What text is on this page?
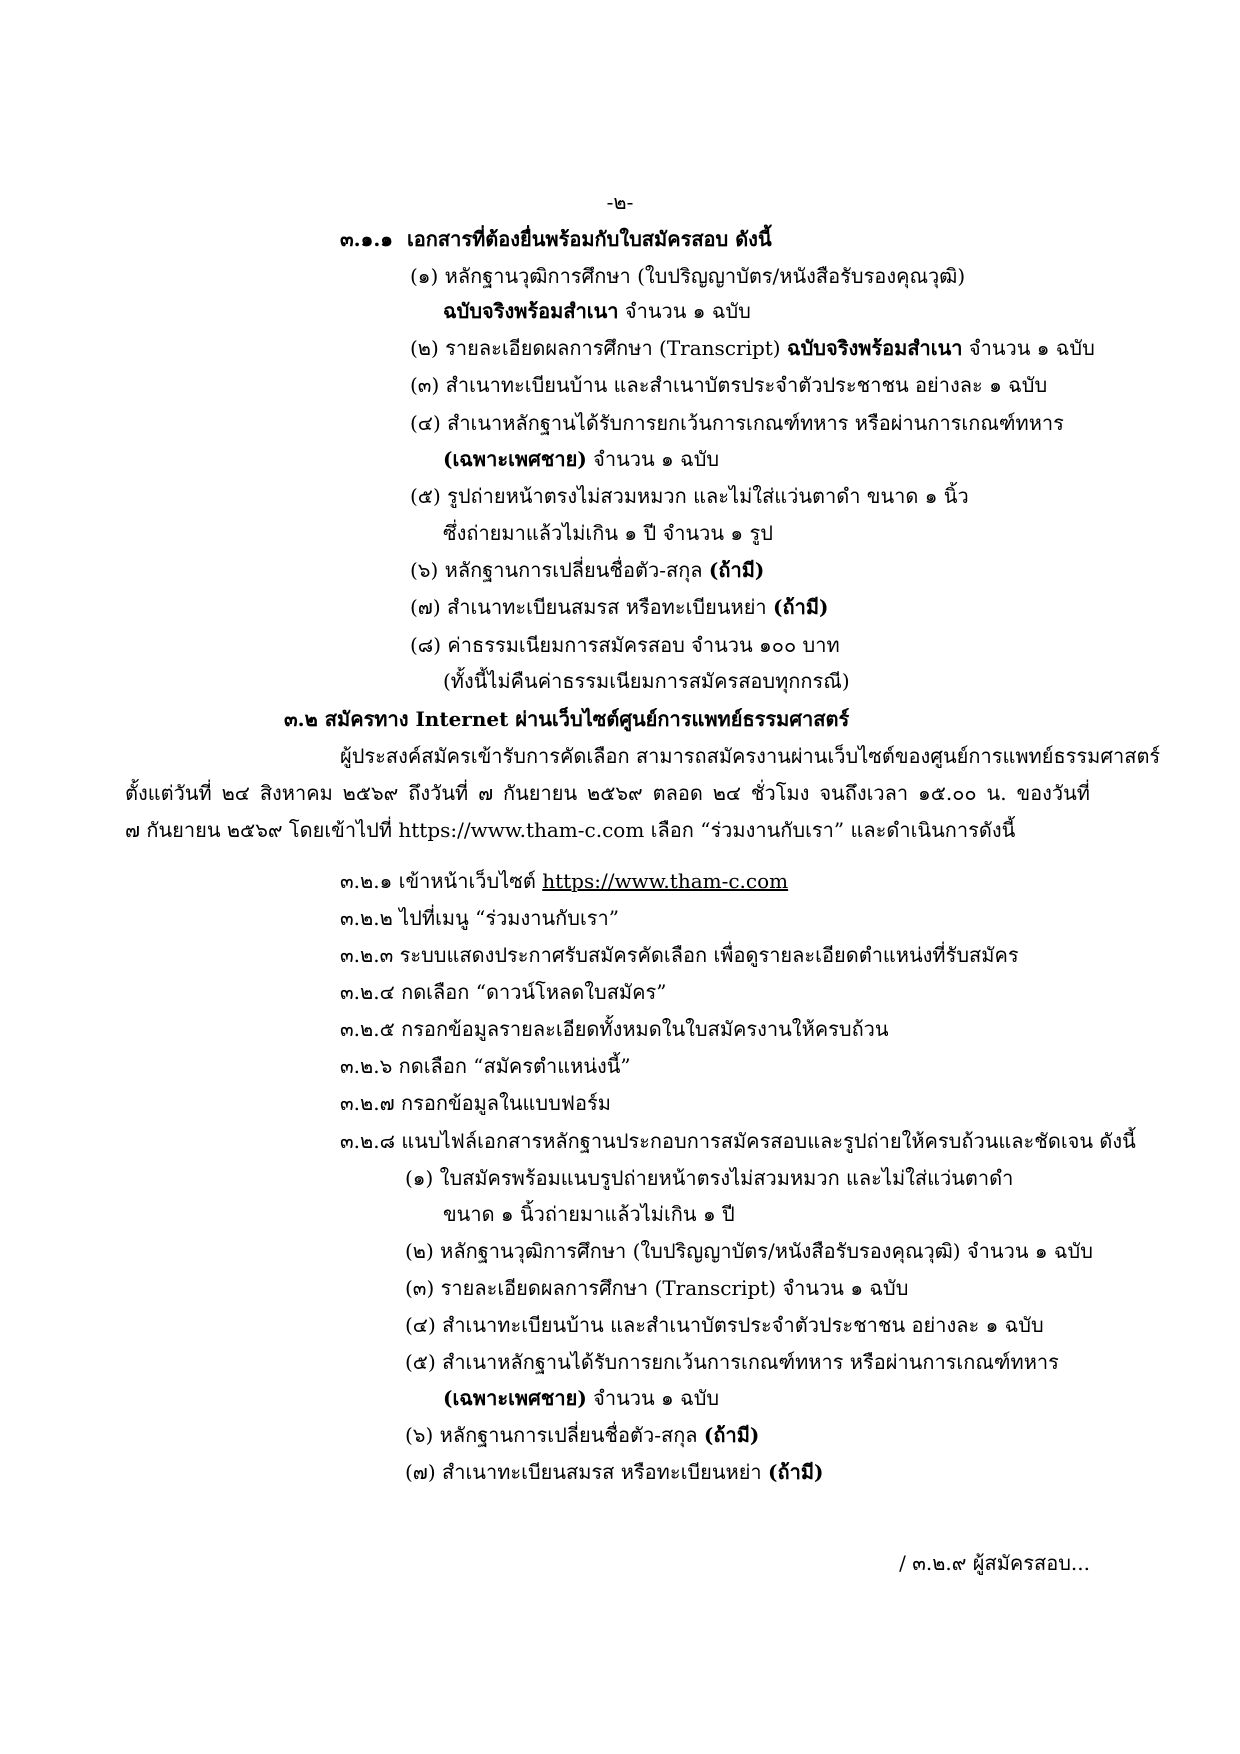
-๒-
๓.๑.๑ เอกสารที่ต้องยื่นพร้อมกับใบสมัครสอบ ดังนี้
(๑) หลักฐานวุฒิการศึกษา (ใบปริญญาบัตร/หนังสือรับรองคุณวุฒิ)
ฉบับจริงพร้อมสำเนา จำนวน ๑ ฉบับ
(๒) รายละเอียดผลการศึกษา (Transcript) ฉบับจริงพร้อมสำเนา จำนวน ๑ ฉบับ
(๓) สำเนาทะเบียนบ้าน และสำเนาบัตรประจำตัวประชาชน อย่างละ ๑ ฉบับ
(๔) สำเนาหลักฐานได้รับการยกเว้นการเกณฑ์ทหาร หรือผ่านการเกณฑ์ทหาร
(เฉพาะเพศชาย) จำนวน ๑ ฉบับ
(๕) รูปถ่ายหน้าตรงไม่สวมหมวก และไม่ใส่แว่นตาดำ ขนาด ๑ นิ้ว
ซึ่งถ่ายมาแล้วไม่เกิน ๑ ปี จำนวน ๑ รูป
(๖) หลักฐานการเปลี่ยนชื่อตัว-สกุล (ถ้ามี)
(๗) สำเนาทะเบียนสมรส หรือทะเบียนหย่า (ถ้ามี)
(๘) ค่าธรรมเนียมการสมัครสอบ จำนวน ๑๐๐ บาท
(ทั้งนี้ไม่คืนค่าธรรมเนียมการสมัครสอบทุกกรณี)
๓.๒ สมัครทาง Internet ผ่านเว็บไซต์ศูนย์การแพทย์ธรรมศาสตร์
ผู้ประสงค์สมัครเข้ารับการคัดเลือก สามารถสมัครงานผ่านเว็บไซต์ของศูนย์การแพทย์ธรรมศาสตร์
ตั้งแต่วันที่ ๒๔ สิงหาคม ๒๕๖๙ ถึงวันที่ ๗ กันยายน ๒๕๖๙ ตลอด ๒๔ ชั่วโมง จนถึงเวลา ๑๕.๐๐ น. ของวันที่
๗ กันยายน ๒๕๖๙ โดยเข้าไปที่ https://www.tham-c.com เลือก “ร่วมงานกับเรา” และดำเนินการดังนี้
๓.๒.๑ เข้าหน้าเว็บไซต์ https://www.tham-c.com
๓.๒.๒ ไปที่เมนู “ร่วมงานกับเรา”
๓.๒.๓ ระบบแสดงประกาศรับสมัครคัดเลือก เพื่อดูรายละเอียดตำแหน่งที่รับสมัคร
๓.๒.๔ กดเลือก “ดาวน์โหลดใบสมัคร”
๓.๒.๕ กรอกข้อมูลรายละเอียดทั้งหมดในใบสมัครงานให้ครบถ้วน
๓.๒.๖ กดเลือก “สมัครตำแหน่งนี้”
๓.๒.๗ กรอกข้อมูลในแบบฟอร์ม
๓.๒.๘ แนบไฟล์เอกสารหลักฐานประกอบการสมัครสอบและรูปถ่ายให้ครบถ้วนและชัดเจน ดังนี้
(๑) ใบสมัครพร้อมแนบรูปถ่ายหน้าตรงไม่สวมหมวก และไม่ใส่แว่นตาดำ
ขนาด ๑ นิ้วถ่ายมาแล้วไม่เกิน ๑ ปี
(๒) หลักฐานวุฒิการศึกษา (ใบปริญญาบัตร/หนังสือรับรองคุณวุฒิ) จำนวน ๑ ฉบับ
(๓) รายละเอียดผลการศึกษา (Transcript) จำนวน ๑ ฉบับ
(๔) สำเนาทะเบียนบ้าน และสำเนาบัตรประจำตัวประชาชน อย่างละ ๑ ฉบับ
(๕) สำเนาหลักฐานได้รับการยกเว้นการเกณฑ์ทหาร หรือผ่านการเกณฑ์ทหาร
(เฉพาะเพศชาย) จำนวน ๑ ฉบับ
(๖) หลักฐานการเปลี่ยนชื่อตัว-สกุล (ถ้ามี)
(๗) สำเนาทะเบียนสมรส หรือทะเบียนหย่า (ถ้ามี)
/ ๓.๒.๙ ผู้สมัครสอบ...
